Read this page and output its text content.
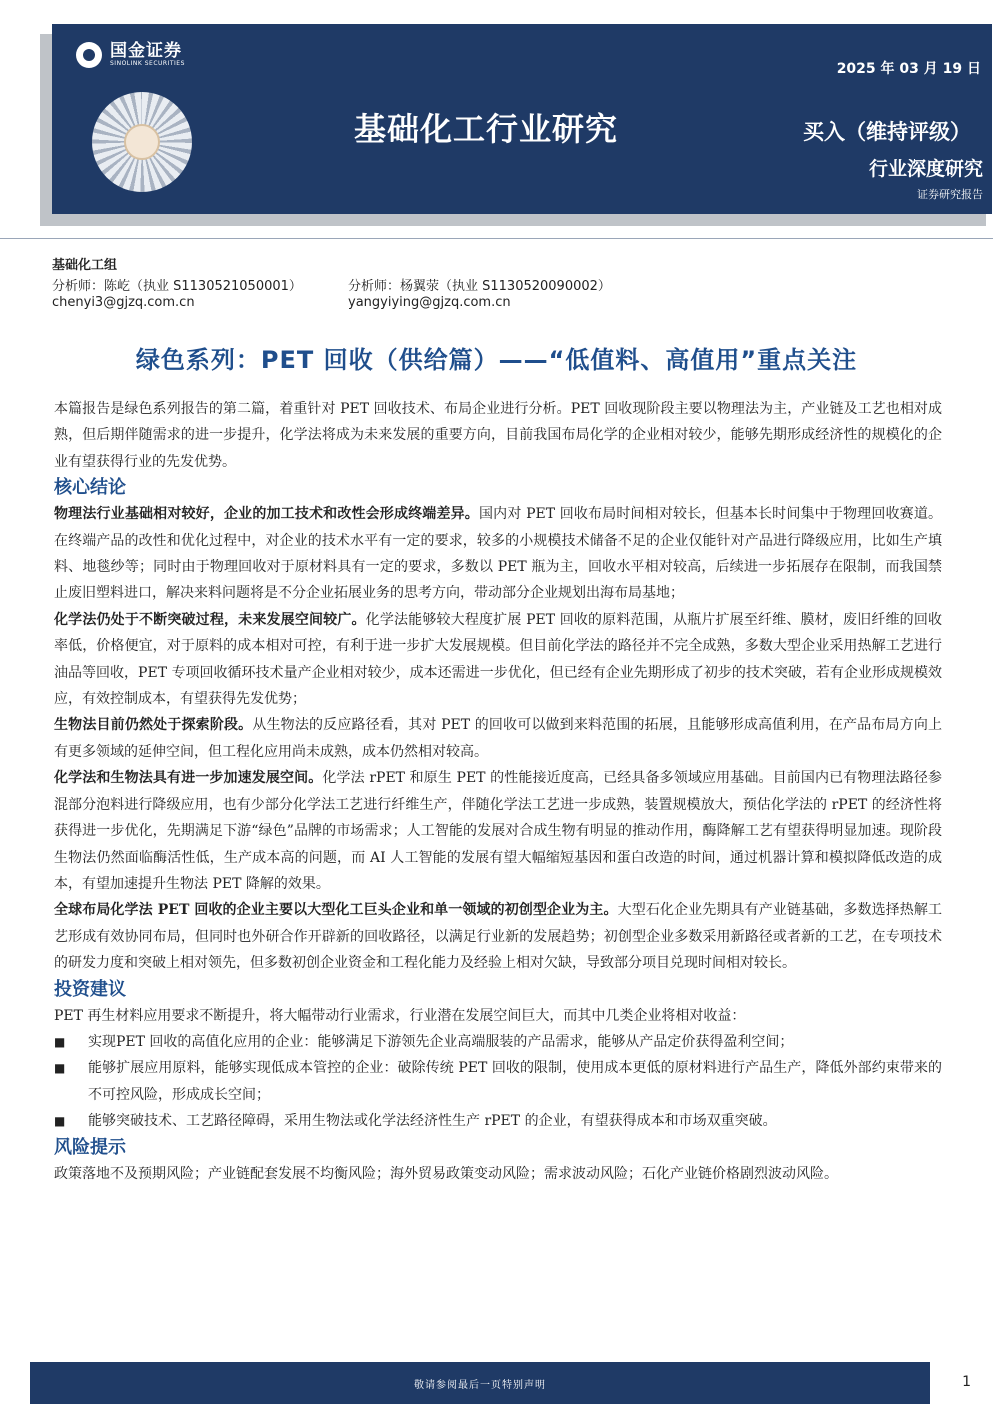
国金证券
SINOLINK SECURITIES	2025 年 03 月 19 日
基础化工行业研究	买入（维持评级）
行业深度研究
证券研究报告
基础化工组
分析师：陈屹（执业 S1130521050001）
chenyi3@gjzq.com.cn
分析师：杨翼荥（执业 S1130520090002）
yangyiying@gjzq.com.cn
绿色系列：PET 回收（供给篇）——“低值料、高值用”重点关注

本篇报告是绿色系列报告的第二篇，着重针对 PET 回收技术、布局企业进行分析。PET 回收现阶段主要以物理法为主，产业链及工艺也相对成熟，但后期伴随需求的进一步提升，化学法将成为未来发展的重要方向，目前我国布局化学的企业相对较少，能够先期形成经济性的规模化的企业有望获得行业的先发优势。

核心结论

物理法行业基础相对较好，企业的加工技术和改性会形成终端差异。国内对 PET 回收布局时间相对较长，但基本长时间集中于物理回收赛道。在终端产品的改性和优化过程中，对企业的技术水平有一定的要求，较多的小规模技术储备不足的企业仅能针对产品进行降级应用，比如生产填料、地毯纱等；同时由于物理回收对于原材料具有一定的要求，多数以 PET 瓶为主，回收水平相对较高，后续进一步拓展存在限制，而我国禁止废旧塑料进口，解决来料问题将是不分企业拓展业务的思考方向，带动部分企业规划出海布局基地；

化学法仍处于不断突破过程，未来发展空间较广。化学法能够较大程度扩展 PET 回收的原料范围，从瓶片扩展至纤维、膜材，废旧纤维的回收率低，价格便宜，对于原料的成本相对可控，有利于进一步扩大发展规模。但目前化学法的路径并不完全成熟，多数大型企业采用热解工艺进行油品等回收，PET 专项回收循环技术量产企业相对较少，成本还需进一步优化，但已经有企业先期形成了初步的技术突破，若有企业形成规模效应，有效控制成本，有望获得先发优势；

生物法目前仍然处于探索阶段。从生物法的反应路径看，其对 PET 的回收可以做到来料范围的拓展，且能够形成高值利用，在产品布局方向上有更多领域的延伸空间，但工程化应用尚未成熟，成本仍然相对较高。

化学法和生物法具有进一步加速发展空间。化学法 rPET 和原生 PET 的性能接近度高，已经具备多领域应用基础。目前国内已有物理法路径参混部分泡料进行降级应用，也有少部分化学法工艺进行纤维生产，伴随化学法工艺进一步成熟，装置规模放大，预估化学法的 rPET 的经济性将获得进一步优化，先期满足下游“绿色”品牌的市场需求；人工智能的发展对合成生物有明显的推动作用，酶降解工艺有望获得明显加速。现阶段生物法仍然面临酶活性低，生产成本高的问题，而 AI 人工智能的发展有望大幅缩短基因和蛋白改造的时间，通过机器计算和模拟降低改造的成本，有望加速提升生物法 PET 降解的效果。

全球布局化学法 PET 回收的企业主要以大型化工巨头企业和单一领域的初创型企业为主。大型石化企业先期具有产业链基础，多数选择热解工艺形成有效协同布局，但同时也外研合作开辟新的回收路径，以满足行业新的发展趋势；初创型企业多数采用新路径或者新的工艺，在专项技术的研发力度和突破上相对领先，但多数初创企业资金和工程化能力及经验上相对欠缺，导致部分项目兑现时间相对较长。

投资建议

PET 再生材料应用要求不断提升，将大幅带动行业需求，行业潜在发展空间巨大，而其中几类企业将相对收益：

■	实现PET 回收的高值化应用的企业：能够满足下游领先企业高端服装的产品需求，能够从产品定价获得盈利空间；
■	能够扩展应用原料，能够实现低成本管控的企业：破除传统 PET 回收的限制，使用成本更低的原材料进行产品生产，降低外部约束带来的不可控风险，形成成长空间；
■	能够突破技术、工艺路径障碍，采用生物法或化学法经济性生产 rPET 的企业，有望获得成本和市场双重突破。
风险提示

政策落地不及预期风险；产业链配套发展不均衡风险；海外贸易政策变动风险；需求波动风险；石化产业链价格剧烈波动风险。

敬请参阅最后一页特别声明	1
